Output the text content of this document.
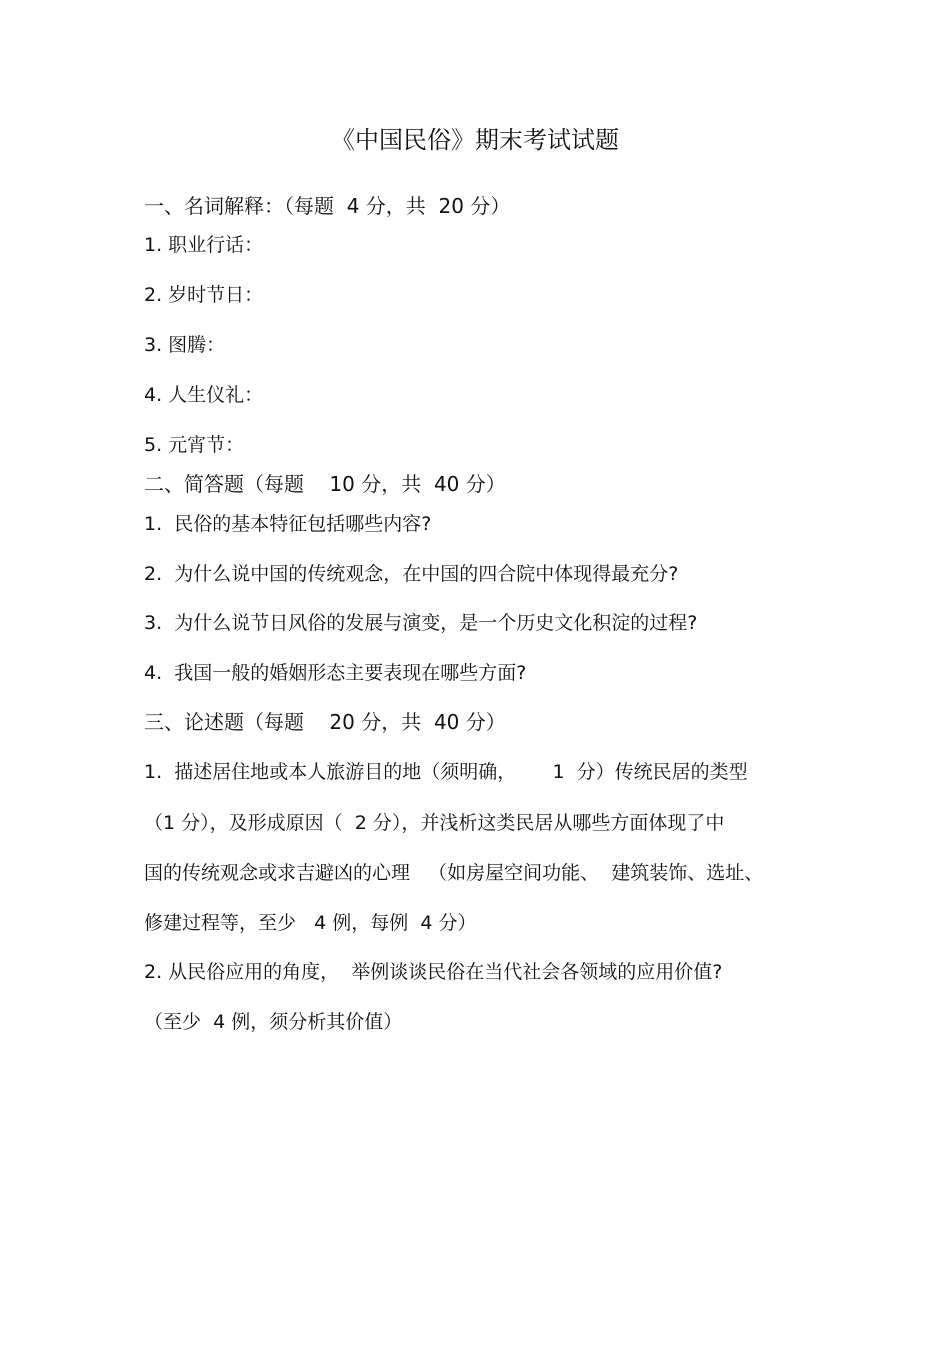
《中国民俗》期末考试试题

一、名词解释：（每题  4 分，共  20 分）

1. 职业行话：

2. 岁时节日：

3. 图腾：

4. 人生仪礼：

5. 元宵节：

二、简答题（每题    10 分，共  40 分）

1.  民俗的基本特征包括哪些内容?

2.  为什么说中国的传统观念，在中国的四合院中体现得最充分?

3.  为什么说节日风俗的发展与演变，是一个历史文化积淀的过程?

4.  我国一般的婚姻形态主要表现在哪些方面?

三、论述题（每题    20 分，共  40 分）

1.  描述居住地或本人旅游目的地（须明确，      1  分）传统民居的类型

（1 分），及形成原因（  2 分），并浅析这类民居从哪些方面体现了中

国的传统观念或求吉避凶的心理   （如房屋空间功能、  建筑装饰、选址、

修建过程等，至少   4 例，每例  4 分）

2. 从民俗应用的角度，  举例谈谈民俗在当代社会各领域的应用价值?

（至少  4 例，须分析其价值）
